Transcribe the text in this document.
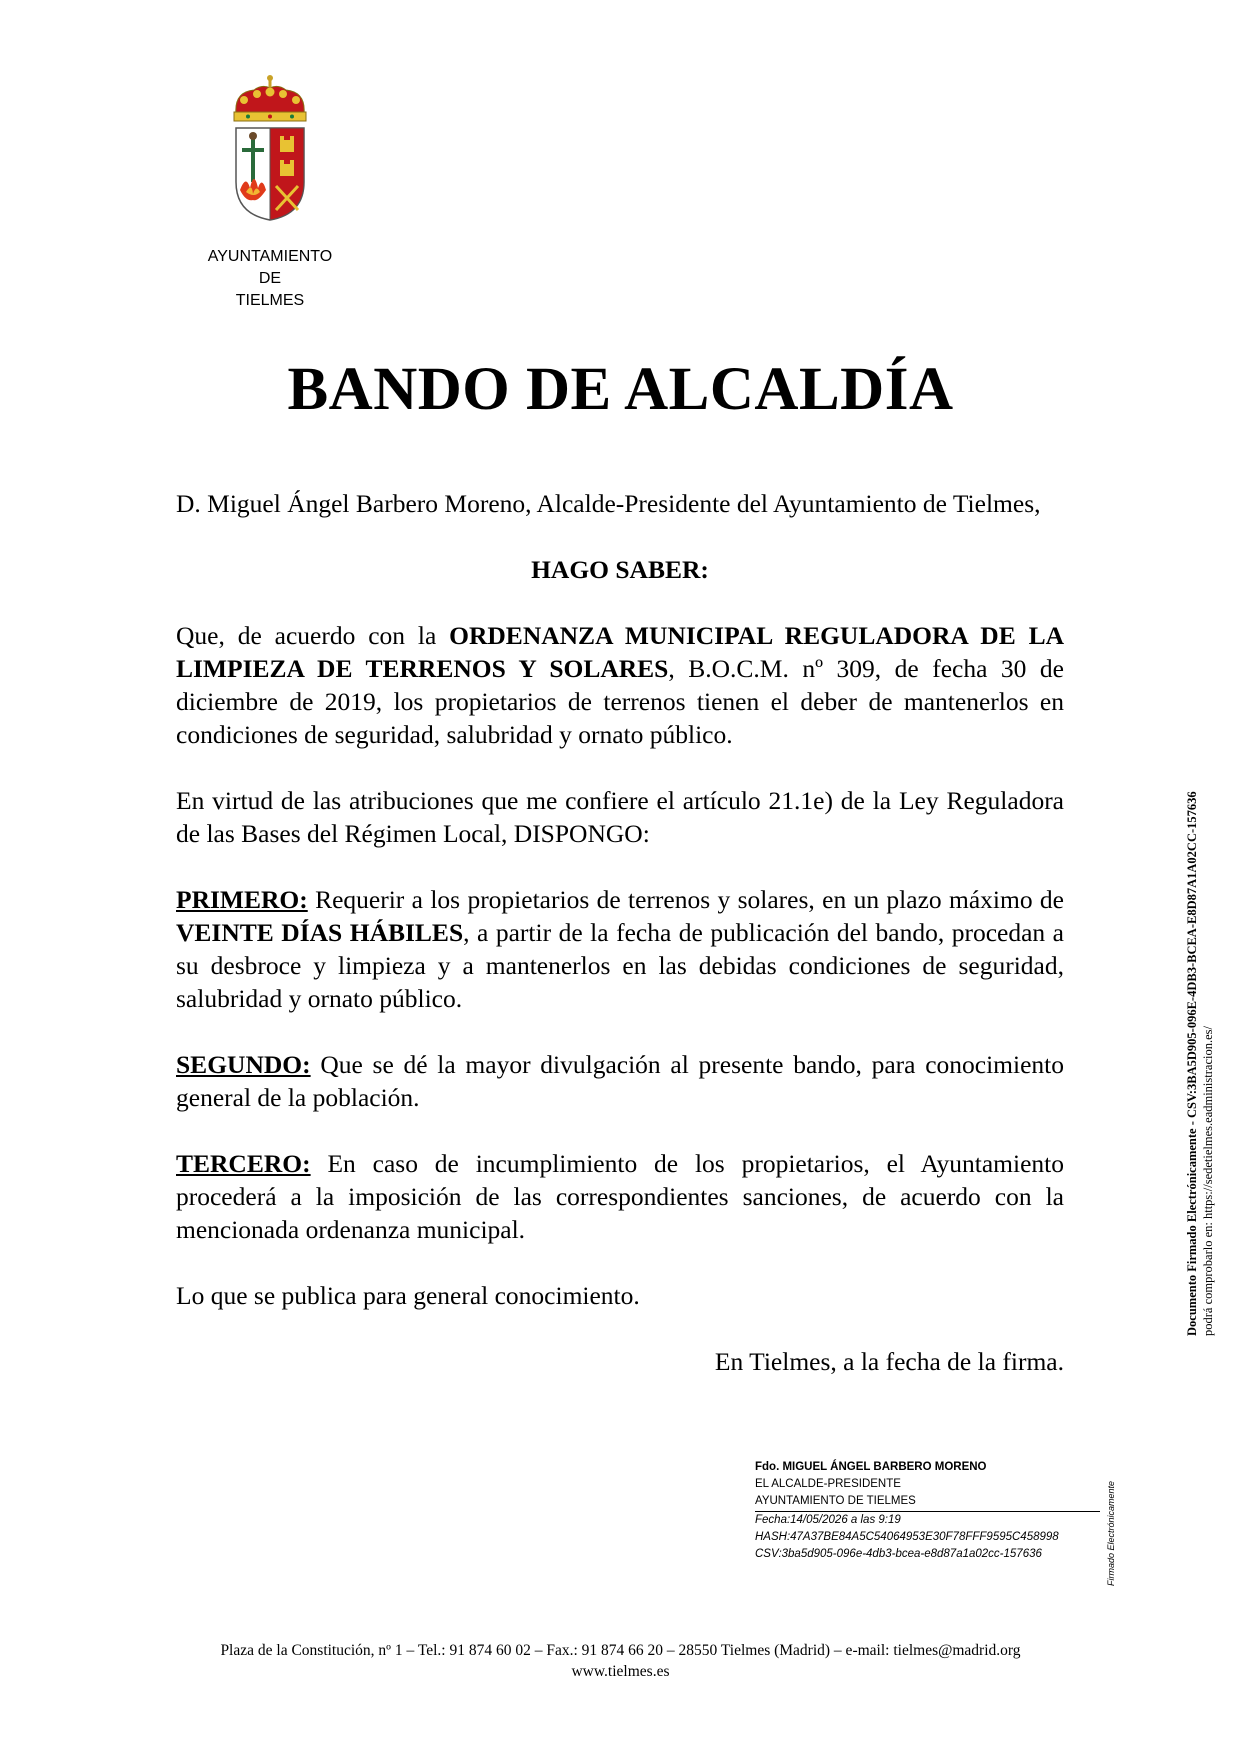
AYUNTAMIENTO
DE
TIELMES
BANDO DE ALCALDÍA

D. Miguel Ángel Barbero Moreno, Alcalde-Presidente del Ayuntamiento de Tielmes,

HAGO SABER:

Que, de acuerdo con la ORDENANZA MUNICIPAL REGULADORA DE LA LIMPIEZA DE TERRENOS Y SOLARES, B.O.C.M. nº 309, de fecha 30 de diciembre de 2019, los propietarios de terrenos tienen el deber de mantenerlos en condiciones de seguridad, salubridad y ornato público.

En virtud de las atribuciones que me confiere el artículo 21.1e) de la Ley Reguladora de las Bases del Régimen Local, DISPONGO:

PRIMERO: Requerir a los propietarios de terrenos y solares, en un plazo máximo de VEINTE DÍAS HÁBILES, a partir de la fecha de publicación del bando, procedan a su desbroce y limpieza y a mantenerlos en las debidas condiciones de seguridad, salubridad y ornato público.

SEGUNDO: Que se dé la mayor divulgación al presente bando, para conocimiento general de la población.

TERCERO: En caso de incumplimiento de los propietarios, el Ayuntamiento procederá a la imposición de las correspondientes sanciones, de acuerdo con la mencionada ordenanza municipal.

Lo que se publica para general conocimiento.

En Tielmes, a la fecha de la firma.

Fdo. MIGUEL ÁNGEL BARBERO MORENO
EL ALCALDE-PRESIDENTE
AYUNTAMIENTO DE TIELMES
Fecha:14/05/2026 a las 9:19
HASH:47A37BE84A5C54064953E30F78FFF9595C458998
CSV:3ba5d905-096e-4db3-bcea-e8d87a1a02cc-157636	Firmado Electrónicamente
Documento Firmado Electrónicamente - CSV:3BA5D905-096E-4DB3-BCEA-E8D87A1A02CC-157636 podrá comprobarlo en: https://sedetielmes.eadministracion.es/
Plaza de la Constitución, nº 1 – Tel.: 91 874 60 02 – Fax.: 91 874 66 20 – 28550 Tielmes (Madrid) – e-mail: tielmes@madrid.org
www.tielmes.es
